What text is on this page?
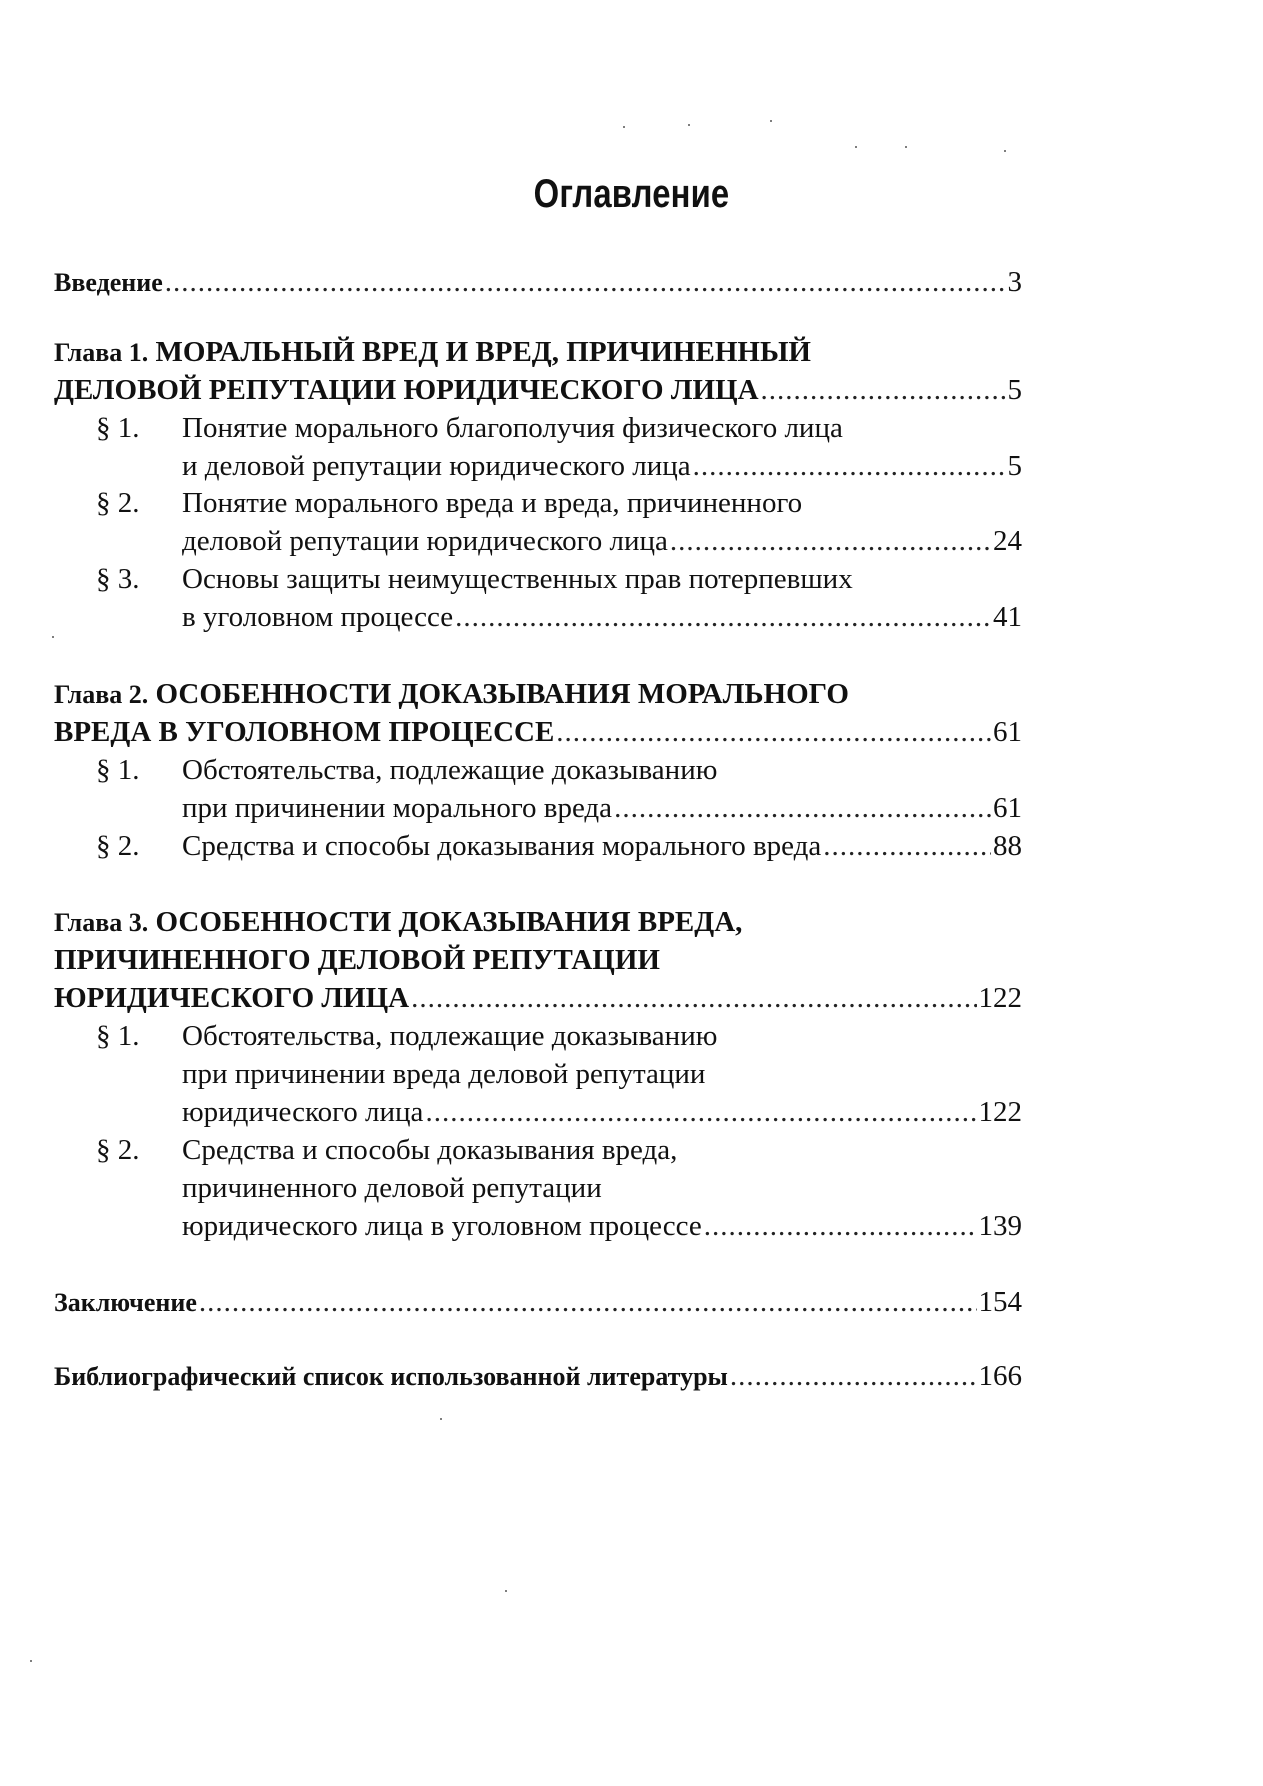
Оглавление
Введение .....	3
Глава 1. МОРАЛЬНЫЙ ВРЕД И ВРЕД, ПРИЧИНЕННЫЙ
ДЕЛОВОЙ РЕПУТАЦИИ ЮРИДИЧЕСКОГО ЛИЦА .....	5
§ 1. Понятие морального благополучия физического лица
и деловой репутации юридического лица .....	5
§ 2. Понятие морального вреда и вреда, причиненного
деловой репутации юридического лица .....	24
§ 3. Основы защиты неимущественных прав потерпевших
в уголовном процессе .....	41
Глава 2. ОСОБЕННОСТИ ДОКАЗЫВАНИЯ МОРАЛЬНОГО
ВРЕДА В УГОЛОВНОМ ПРОЦЕССЕ .....	61
§ 1. Обстоятельства, подлежащие доказыванию
при причинении морального вреда .....	61
§ 2. Средства и способы доказывания морального вреда .....	88
Глава 3. ОСОБЕННОСТИ ДОКАЗЫВАНИЯ ВРЕДА,
ПРИЧИНЕННОГО ДЕЛОВОЙ РЕПУТАЦИИ
ЮРИДИЧЕСКОГО ЛИЦА .....	122
§ 1. Обстоятельства, подлежащие доказыванию
при причинении вреда деловой репутации
юридического лица .....	122
§ 2. Средства и способы доказывания вреда,
причиненного деловой репутации
юридического лица в уголовном процессе .....	139
Заключение .....	154
Библиографический список использованной литературы .....	166
